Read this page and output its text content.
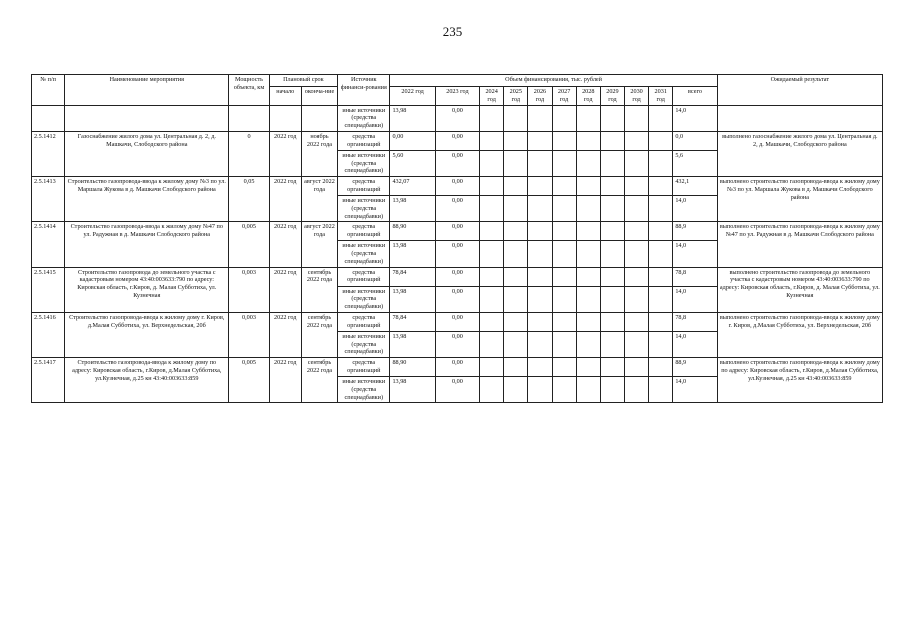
235
№ п/п	Наименование мероприятия	Мощность объекта, км	Плановый срок		Источник финанси-рования	Объем финансирования, тыс. рублей											Ожидаемый результат
			начало	оконча-ние		2022 год	2023 год	2024 год	2025 год	2026 год	2027 год	2028 год	2029 год	2030 год	2031 год	всего	

					иные источники (средства спецнадбавки)	13,98	0,00									14,0	
2.5.1412	Газоснабжение жилого дома ул. Центральная д. 2, д. Машкачи, Слободского района	0	2022 год	ноябрь 2022 года	средства организаций	0,00	0,00									0,0	выполнено газоснабжение жилого дома ул. Центральная д. 2, д. Машкачи, Слободского района
					иные источники (средства спецнадбавки)	5,60	0,00									5,6	
2.5.1413	Строительство газопровода-ввода к жилому дому №3 по ул. Маршала Жукова в д. Машкачи Слободского района	0,05	2022 год	август 2022 года	средства организаций	432,07	0,00									432,1	выполнено строительство газопровода-ввода к жилому дому №3 по ул. Маршала Жукова в д. Машкачи Слободского района
					иные источники (средства спецнадбавки)	13,98	0,00									14,0	
2.5.1414	Строительство газопровода-ввода к жилому дому №47 по ул. Радужная в д. Машкачи Слободского района	0,005	2022 год	август 2022 года	средства организаций	88,90	0,00									88,9	выполнено строительство газопровода-ввода к жилому дому №47 по ул. Радужная в д. Машкачи Слободского района
					иные источники (средства спецнадбавки)	13,98	0,00									14,0	
2.5.1415	Строительство газопровода до земельного участка с кадастровым номером 43:40:003633:790 по адресу: Кировская область, г.Киров, д. Малая Субботиха, ул. Кузнечная	0,003	2022 год	сентябрь 2022 года	средства организаций	78,84	0,00									78,8	выполнено строительство газопровода до земельного участка с кадастровым номером 43:40:003633:790 по адресу: Кировская область, г.Киров, д. Малая Субботиха, ул. Кузнечная
					иные источники (средства спецнадбавки)	13,98	0,00									14,0	
2.5.1416	Строительство газопровода-ввода к жилому дому г. Киров, д.Малая Субботиха, ул. Верхнедельская, 20б	0,003	2022 год	сентябрь 2022 года	средства организаций	78,84	0,00									78,8	выполнено строительство газопровода-ввода к жилому дому г. Киров, д.Малая Субботиха, ул. Верхнедельская, 20б
					иные источники (средства спецнадбавки)	13,98	0,00									14,0	
2.5.1417	Строительство газопровода-ввода к жилому дому по адресу: Кировская область, г.Киров, д.Малая Субботиха, ул.Кузнечная, д.25 кн 43:40:003633:859	0,005	2022 год	сентябрь 2022 года	средства организаций	88,90	0,00									88,9	выполнено строительство газопровода-ввода к жилому дому по адресу: Кировская область, г.Киров, д.Малая Субботиха, ул.Кузнечная, д.25 кн 43:40:003633:859
					иные источники (средства спецнадбавки)	13,98	0,00									14,0	
